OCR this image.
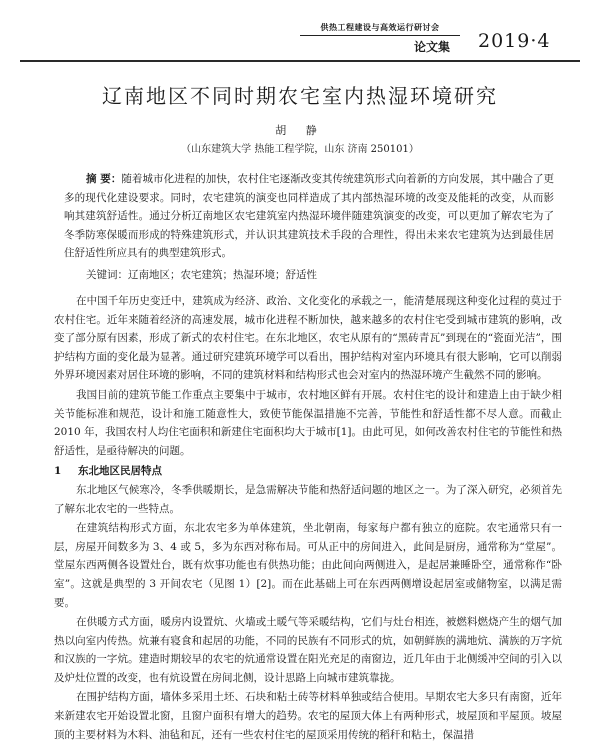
供热工程建设与高效运行研讨会
论文集 2019·4
辽南地区不同时期农宅室内热湿环境研究
胡 静
（山东建筑大学 热能工程学院，山东 济南 250101）
摘 要：随着城市化进程的加快，农村住宅逐渐改变其传统建筑形式向着新的方向发展，其中融合了更多的现代化建设要求。同时，农宅建筑的演变也同样造成了其内部热湿环境的改变及能耗的改变，从而影响其建筑舒适性。通过分析辽南地区农宅建筑室内热湿环境伴随建筑演变的改变，可以更加了解农宅为了冬季防寒保暖而形成的特殊建筑形式，并认识其建筑技术手段的合理性，得出未来农宅建筑为达到最佳居住舒适性所应具有的典型建筑形式。
关键词：辽南地区；农宅建筑；热湿环境；舒适性

在中国千年历史变迁中，建筑成为经济、政治、文化变化的承载之一，能清楚展现这种变化过程的莫过于农村住宅。近年来随着经济的高速发展，城市化进程不断加快，越来越多的农村住宅受到城市建筑的影响，改变了部分原有因素，形成了新式的农村住宅。在东北地区，农宅从原有的“黑砖青瓦”到现在的“瓷面光洁”，围护结构方面的变化最为显著。通过研究建筑环境学可以看出，围护结构对室内环境具有很大影响，它可以削弱外界环境因素对居住环境的影响，不同的建筑材料和结构形式也会对室内的热湿环境产生截然不同的影响。

我国目前的建筑节能工作重点主要集中于城市，农村地区鲜有开展。农村住宅的设计和建造上由于缺少相关节能标准和规范，设计和施工随意性大，致使节能保温措施不完善，节能性和舒适性都不尽人意。而截止 2010 年，我国农村人均住宅面积和新建住宅面积均大于城市[1]。由此可见，如何改善农村住宅的节能性和热舒适性，是亟待解决的问题。

1 东北地区民居特点

东北地区气候寒冷，冬季供暖期长，是急需解决节能和热舒适问题的地区之一。为了深入研究，必须首先了解东北农宅的一些特点。

在建筑结构形式方面，东北农宅多为单体建筑，坐北朝南，每家每户都有独立的庭院。农宅通常只有一层，房屋开间数多为 3、4 或 5，多为东西对称布局。可从正中的房间进入，此间是厨房，通常称为“堂屋”。堂屋东西两侧各设置灶台，既有炊事功能也有供热功能；由此间向两侧进入，是起居兼睡卧空，通常称作“卧室”。这就是典型的 3 开间农宅（见图 1）[2]。而在此基础上可在东西两侧增设起居室或储物室，以满足需要。

在供暖方式方面，暖房内设置炕、火墙或土暖气等采暖结构，它们与灶台相连，被燃料燃烧产生的烟气加热以向室内传热。炕兼有寝食和起居的功能，不同的民族有不同形式的炕，如朝鲜族的满地炕、满族的万字炕和汉族的一字炕。建造时期较早的农宅的炕通常设置在阳光充足的南窗边，近几年由于北侧缓冲空间的引入以及炉灶位置的改变，也有炕设置在房间北侧，设计思路上向城市建筑靠拢。

在围护结构方面，墙体多采用土坯、石块和粘土砖等材料单独或结合使用。早期农宅大多只有南窗，近年来新建农宅开始设置北窗，且窗户面积有增大的趋势。农宅的屋顶大体上有两种形式，坡屋顶和平屋顶。坡屋顶的主要材料为木料、油毡和瓦，还有一些农村住宅的屋顶采用传统的稻秆和粘土，保温措
